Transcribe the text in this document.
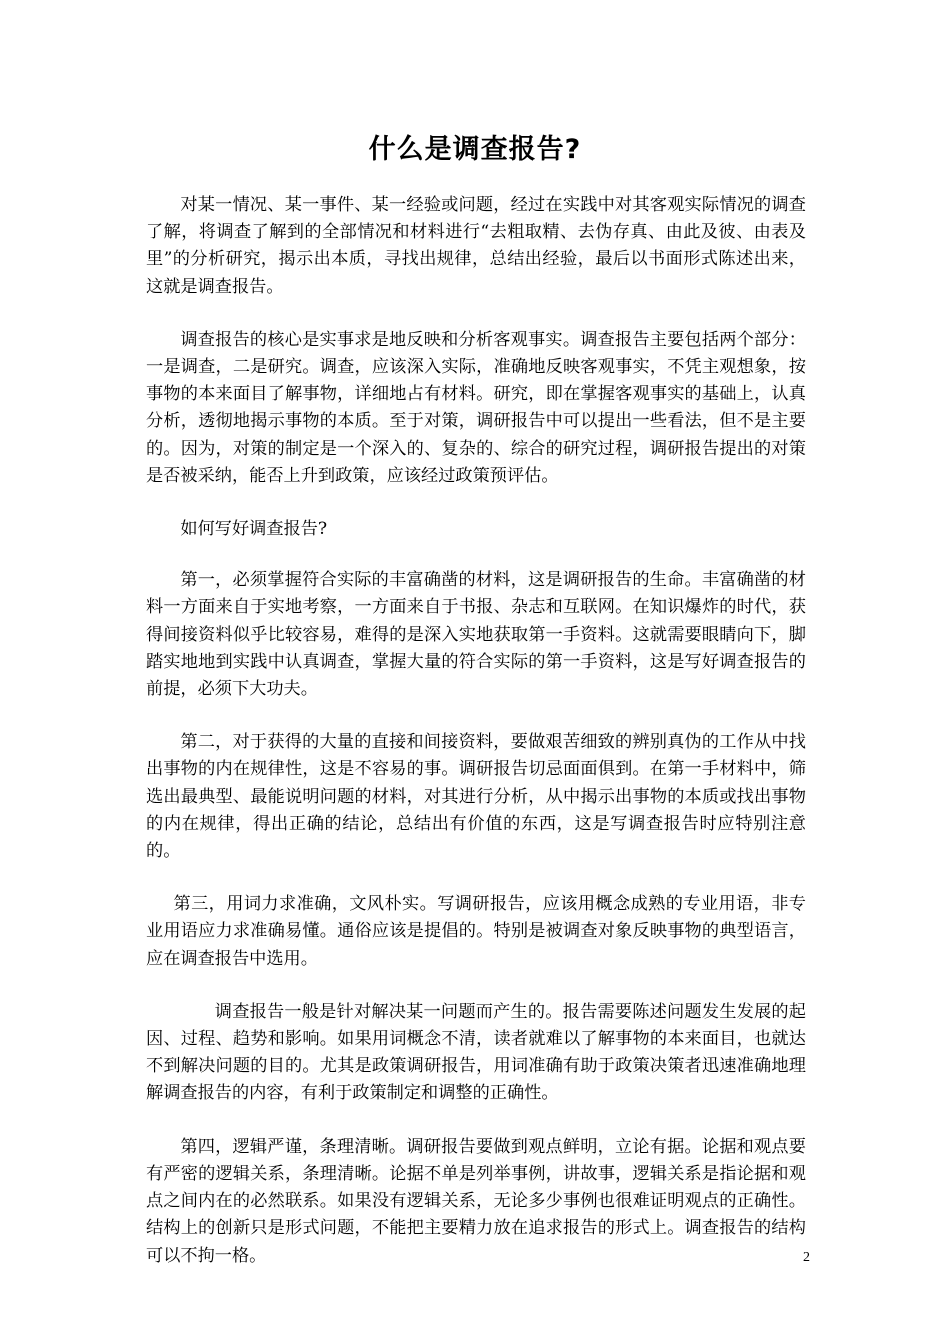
什么是调查报告?

对某一情况、某一事件、某一经验或问题，经过在实践中对其客观实际情况的调查了解，将调查了解到的全部情况和材料进行“去粗取精、去伪存真、由此及彼、由表及里”的分析研究，揭示出本质，寻找出规律，总结出经验，最后以书面形式陈述出来，这就是调查报告。

调查报告的核心是实事求是地反映和分析客观事实。调查报告主要包括两个部分：一是调查，二是研究。调查，应该深入实际，准确地反映客观事实，不凭主观想象，按事物的本来面目了解事物，详细地占有材料。研究，即在掌握客观事实的基础上，认真分析，透彻地揭示事物的本质。至于对策，调研报告中可以提出一些看法，但不是主要的。因为，对策的制定是一个深入的、复杂的、综合的研究过程，调研报告提出的对策是否被采纳，能否上升到政策，应该经过政策预评估。

如何写好调查报告?

第一，必须掌握符合实际的丰富确凿的材料，这是调研报告的生命。丰富确凿的材料一方面来自于实地考察，一方面来自于书报、杂志和互联网。在知识爆炸的时代，获得间接资料似乎比较容易，难得的是深入实地获取第一手资料。这就需要眼睛向下，脚踏实地地到实践中认真调查，掌握大量的符合实际的第一手资料，这是写好调查报告的前提，必须下大功夫。

第二，对于获得的大量的直接和间接资料，要做艰苦细致的辨别真伪的工作从中找出事物的内在规律性，这是不容易的事。调研报告切忌面面俱到。在第一手材料中，筛选出最典型、最能说明问题的材料，对其进行分析，从中揭示出事物的本质或找出事物的内在规律，得出正确的结论，总结出有价值的东西，这是写调查报告时应特别注意的。

第三，用词力求准确，文风朴实。写调研报告，应该用概念成熟的专业用语，非专业用语应力求准确易懂。通俗应该是提倡的。特别是被调查对象反映事物的典型语言，应在调查报告中选用。

调查报告一般是针对解决某一问题而产生的。报告需要陈述问题发生发展的起因、过程、趋势和影响。如果用词概念不清，读者就难以了解事物的本来面目，也就达不到解决问题的目的。尤其是政策调研报告，用词准确有助于政策决策者迅速准确地理解调查报告的内容，有利于政策制定和调整的正确性。

第四，逻辑严谨，条理清晰。调研报告要做到观点鲜明，立论有据。论据和观点要有严密的逻辑关系，条理清晰。论据不单是列举事例，讲故事，逻辑关系是指论据和观点之间内在的必然联系。如果没有逻辑关系，无论多少事例也很难证明观点的正确性。结构上的创新只是形式问题，不能把主要精力放在追求报告的形式上。调查报告的结构可以不拘一格。	2
